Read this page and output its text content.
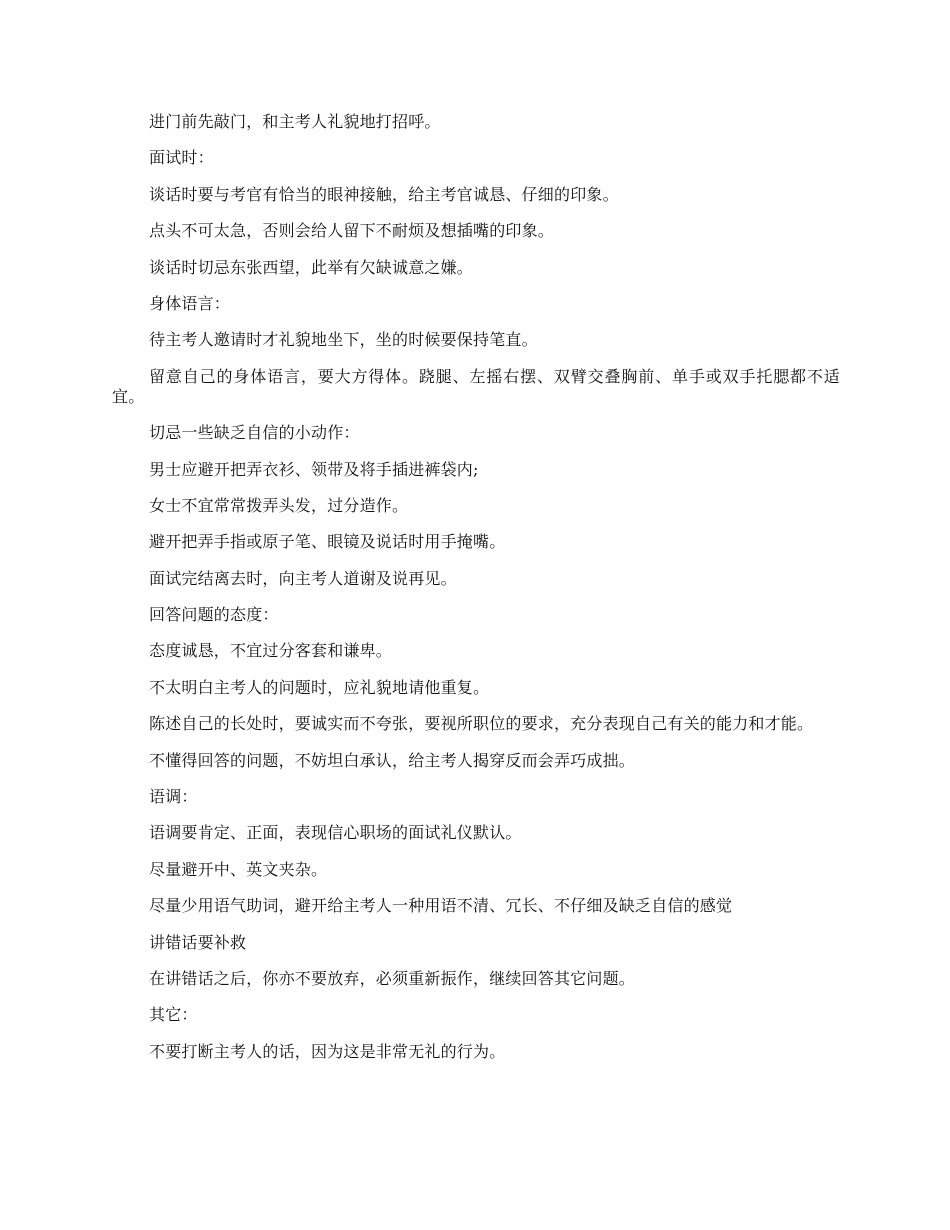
进门前先敲门，和主考人礼貌地打招呼。

面试时：

谈话时要与考官有恰当的眼神接触，给主考官诚恳、仔细的印象。

点头不可太急，否则会给人留下不耐烦及想插嘴的印象。

谈话时切忌东张西望，此举有欠缺诚意之嫌。

身体语言：

待主考人邀请时才礼貌地坐下，坐的时候要保持笔直。

留意自己的身体语言，要大方得体。跷腿、左摇右摆、双臂交叠胸前、单手或双手托腮都不适宜。

切忌一些缺乏自信的小动作：

男士应避开把弄衣衫、领带及将手插进裤袋内;

女士不宜常常拨弄头发，过分造作。

避开把弄手指或原子笔、眼镜及说话时用手掩嘴。

面试完结离去时，向主考人道谢及说再见。

回答问题的态度：

态度诚恳，不宜过分客套和谦卑。

不太明白主考人的问题时，应礼貌地请他重复。

陈述自己的长处时，要诚实而不夸张，要视所职位的要求，充分表现自己有关的能力和才能。

不懂得回答的问题，不妨坦白承认，给主考人揭穿反而会弄巧成拙。

语调：

语调要肯定、正面，表现信心职场的面试礼仪默认。

尽量避开中、英文夹杂。

尽量少用语气助词，避开给主考人一种用语不清、冗长、不仔细及缺乏自信的感觉

讲错话要补救

在讲错话之后，你亦不要放弃，必须重新振作，继续回答其它问题。

其它：

不要打断主考人的话，因为这是非常无礼的行为。
